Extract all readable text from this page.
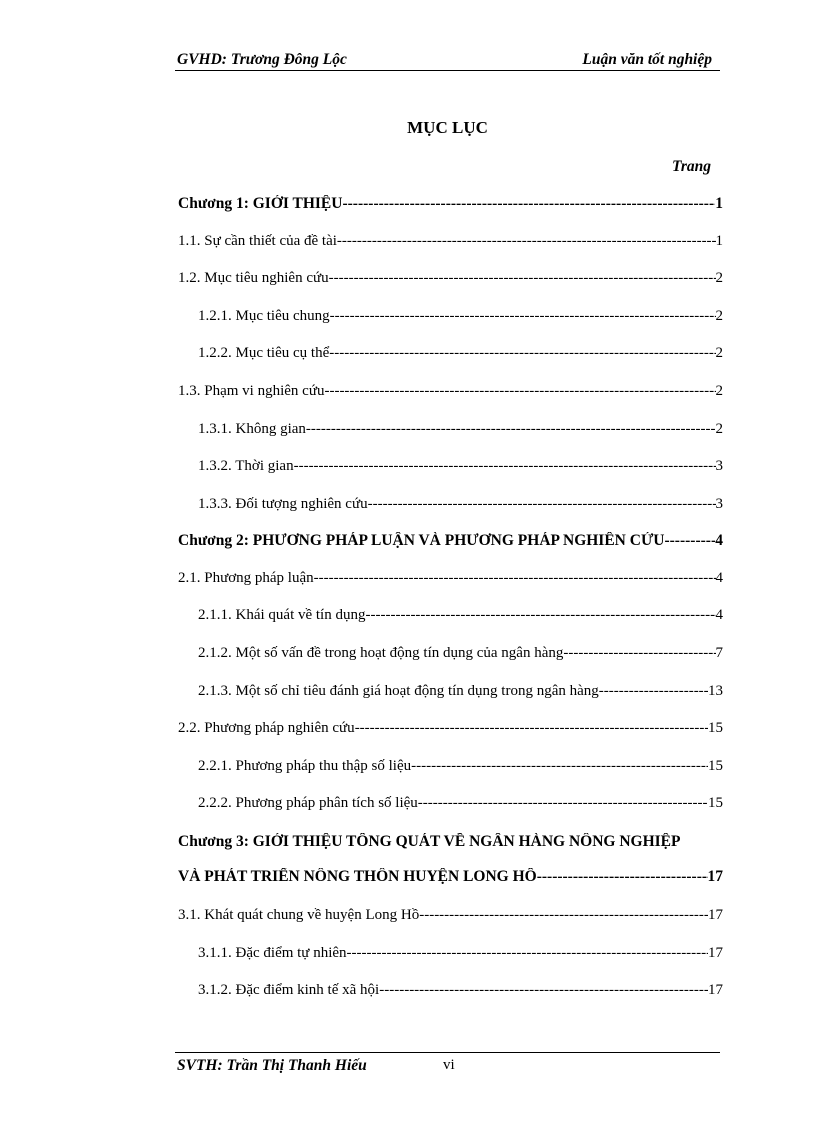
GVHD: Trương Đông Lộc	Luận văn tốt nghiệp
MỤC LỤC
Trang
Chương 1: GIỚI THIỆU -----	1
1.1. Sự cần thiết của đề tài -----	1
1.2. Mục tiêu nghiên cứu -----	2
1.2.1. Mục tiêu chung -----	2
1.2.2. Mục tiêu cụ thể -----	2
1.3. Phạm vi nghiên cứu -----	2
1.3.1. Không gian -----	2
1.3.2. Thời gian -----	3
1.3.3. Đối tượng nghiên cứu -----	3
Chương 2: PHƯƠNG PHÁP LUẬN VÀ PHƯƠNG PHÁP NGHIÊN CỨU -----	4
2.1. Phương pháp luận -----	4
2.1.1. Khái quát về tín dụng -----	4
2.1.2. Một số vấn đề trong hoạt động tín dụng của ngân hàng -----	7
2.1.3. Một số chỉ tiêu đánh giá hoạt động tín dụng trong ngân hàng -----	13
2.2. Phương pháp nghiên cứu -----	15
2.2.1. Phương pháp thu thập số liệu -----	15
2.2.2. Phương pháp phân tích số liệu -----	15
Chương 3: GIỚI THIỆU TỔNG QUÁT VỀ NGÂN HÀNG NÔNG NGHIỆP
VÀ PHÁT TRIỂN NÔNG THÔN HUYỆN LONG HỒ -----	17
3.1. Khát quát chung về huyện Long Hồ -----	17
3.1.1. Đặc điểm tự nhiên -----	17
3.1.2. Đặc điểm kinh tế xã hội -----	17
SVTH: Trần Thị Thanh Hiếu	vi
